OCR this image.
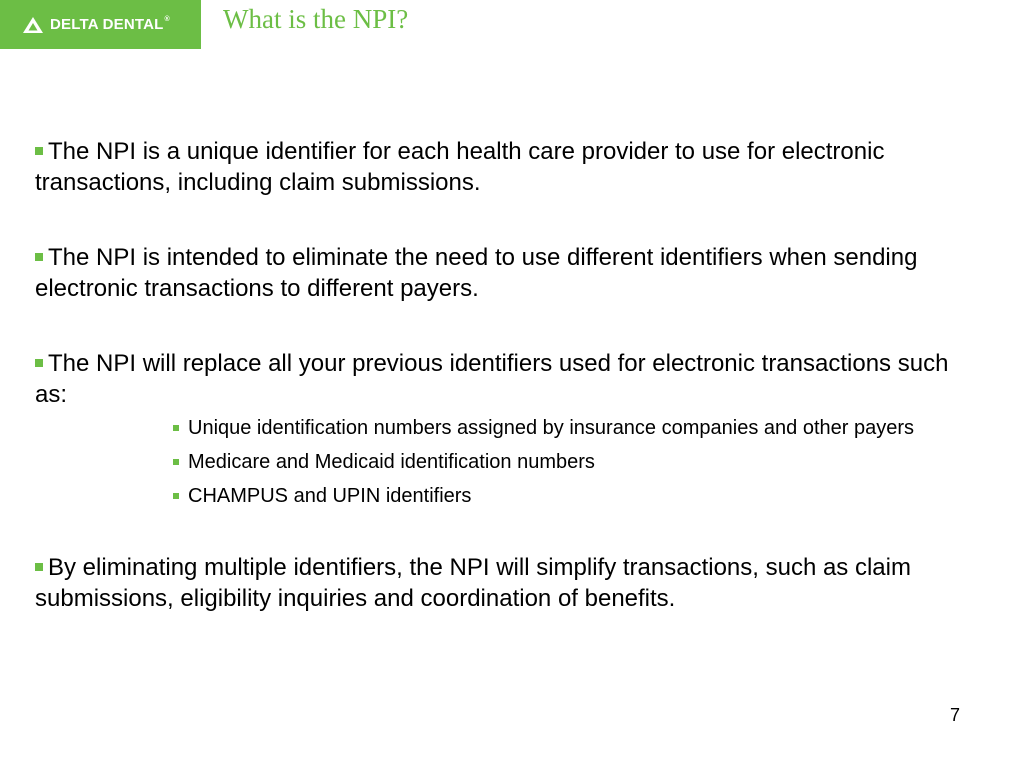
DELTA DENTAL® What is the NPI?

The NPI is a unique identifier for each health care provider to use for electronic transactions, including claim submissions.

The NPI is intended to eliminate the need to use different identifiers when sending electronic transactions to different payers.

The NPI will replace all your previous identifiers used for electronic transactions such as:
Unique identification numbers assigned by insurance companies and other payers
Medicare and Medicaid identification numbers
CHAMPUS and UPIN identifiers

By eliminating multiple identifiers, the NPI will simplify transactions, such as claim submissions, eligibility inquiries and coordination of benefits.

7
